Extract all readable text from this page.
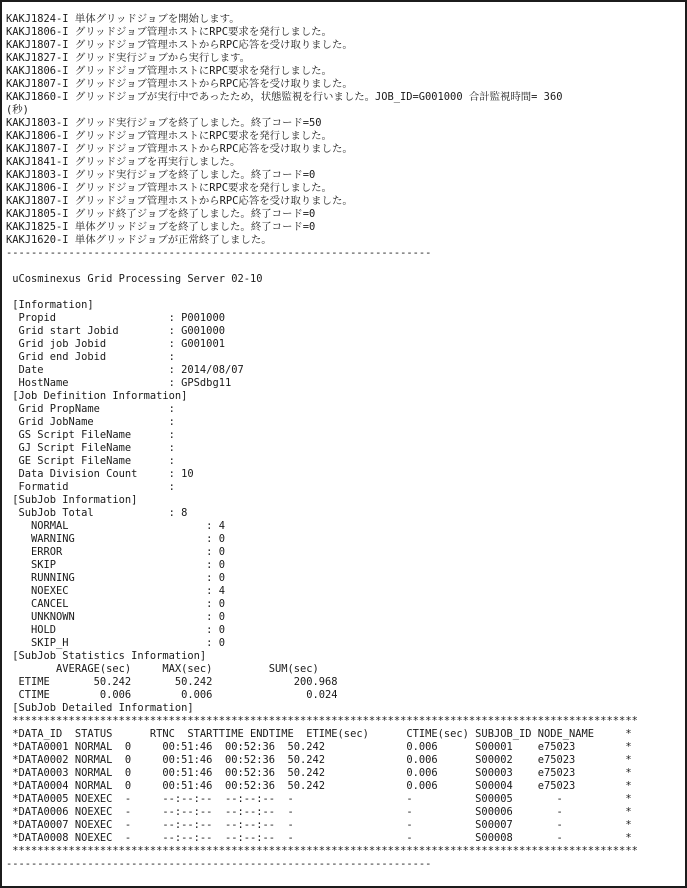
KAKJ1824-I 単体グリッドジョブを開始します。
KAKJ1806-I グリッドジョブ管理ホストにRPC要求を発行しました。
KAKJ1807-I グリッドジョブ管理ホストからRPC応答を受け取りました。
KAKJ1827-I グリッド実行ジョブから実行します。
KAKJ1806-I グリッドジョブ管理ホストにRPC要求を発行しました。
KAKJ1807-I グリッドジョブ管理ホストからRPC応答を受け取りました。
KAKJ1860-I グリッドジョブが実行中であったため，状態監視を行いました。JOB_ID=G001000 合計監視時間= 360
(秒)
KAKJ1803-I グリッド実行ジョブを終了しました。終了コード=50
KAKJ1806-I グリッドジョブ管理ホストにRPC要求を発行しました。
KAKJ1807-I グリッドジョブ管理ホストからRPC応答を受け取りました。
KAKJ1841-I グリッドジョブを再実行しました。
KAKJ1803-I グリッド実行ジョブを終了しました。終了コード=0
KAKJ1806-I グリッドジョブ管理ホストにRPC要求を発行しました。
KAKJ1807-I グリッドジョブ管理ホストからRPC応答を受け取りました。
KAKJ1805-I グリッド終了ジョブを終了しました。終了コード=0
KAKJ1825-I 単体グリッドジョブを終了しました。終了コード=0
KAKJ1620-I 単体グリッドジョブが正常終了しました。
--------------------------------------------------------------------
uCosminexus Grid Processing Server 02-10
[Information]
Propid                  : P001000
Grid start Jobid        : G001000
Grid job Jobid          : G001001
Grid end Jobid          :
Date                    : 2014/08/07
HostName                : GPSdbg11
[Job Definition Information]
Grid PropName           :
Grid JobName            :
GS Script FileName      :
GJ Script FileName      :
GE Script FileName      :
Data Division Count     : 10
Formatid                :
[SubJob Information]
SubJob Total            : 8
NORMAL                      : 4
WARNING                     : 0
ERROR                       : 0
SKIP                        : 0
RUNNING                     : 0
NOEXEC                      : 4
CANCEL                      : 0
UNKNOWN                     : 0
HOLD                        : 0
SKIP_H                      : 0
[SubJob Statistics Information]
AVERAGE(sec)     MAX(sec)         SUM(sec)
ETIME       50.242       50.242             200.968
CTIME        0.006        0.006               0.024
[SubJob Detailed Information]
****************************************************************************************************
*DATA_ID  STATUS      RTNC  STARTTIME ENDTIME  ETIME(sec)      CTIME(sec) SUBJOB_ID NODE_NAME     *
*DATA0001 NORMAL  0     00:51:46  00:52:36  50.242             0.006      S00001    e75023        *
*DATA0002 NORMAL  0     00:51:46  00:52:36  50.242             0.006      S00002    e75023        *
*DATA0003 NORMAL  0     00:51:46  00:52:36  50.242             0.006      S00003    e75023        *
*DATA0004 NORMAL  0     00:51:46  00:52:36  50.242             0.006      S00004    e75023        *
*DATA0005 NOEXEC  -     --:--:--  --:--:--  -                  -          S00005       -          *
*DATA0006 NOEXEC  -     --:--:--  --:--:--  -                  -          S00006       -          *
*DATA0007 NOEXEC  -     --:--:--  --:--:--  -                  -          S00007       -          *
*DATA0008 NOEXEC  -     --:--:--  --:--:--  -                  -          S00008       -          *
****************************************************************************************************
--------------------------------------------------------------------
